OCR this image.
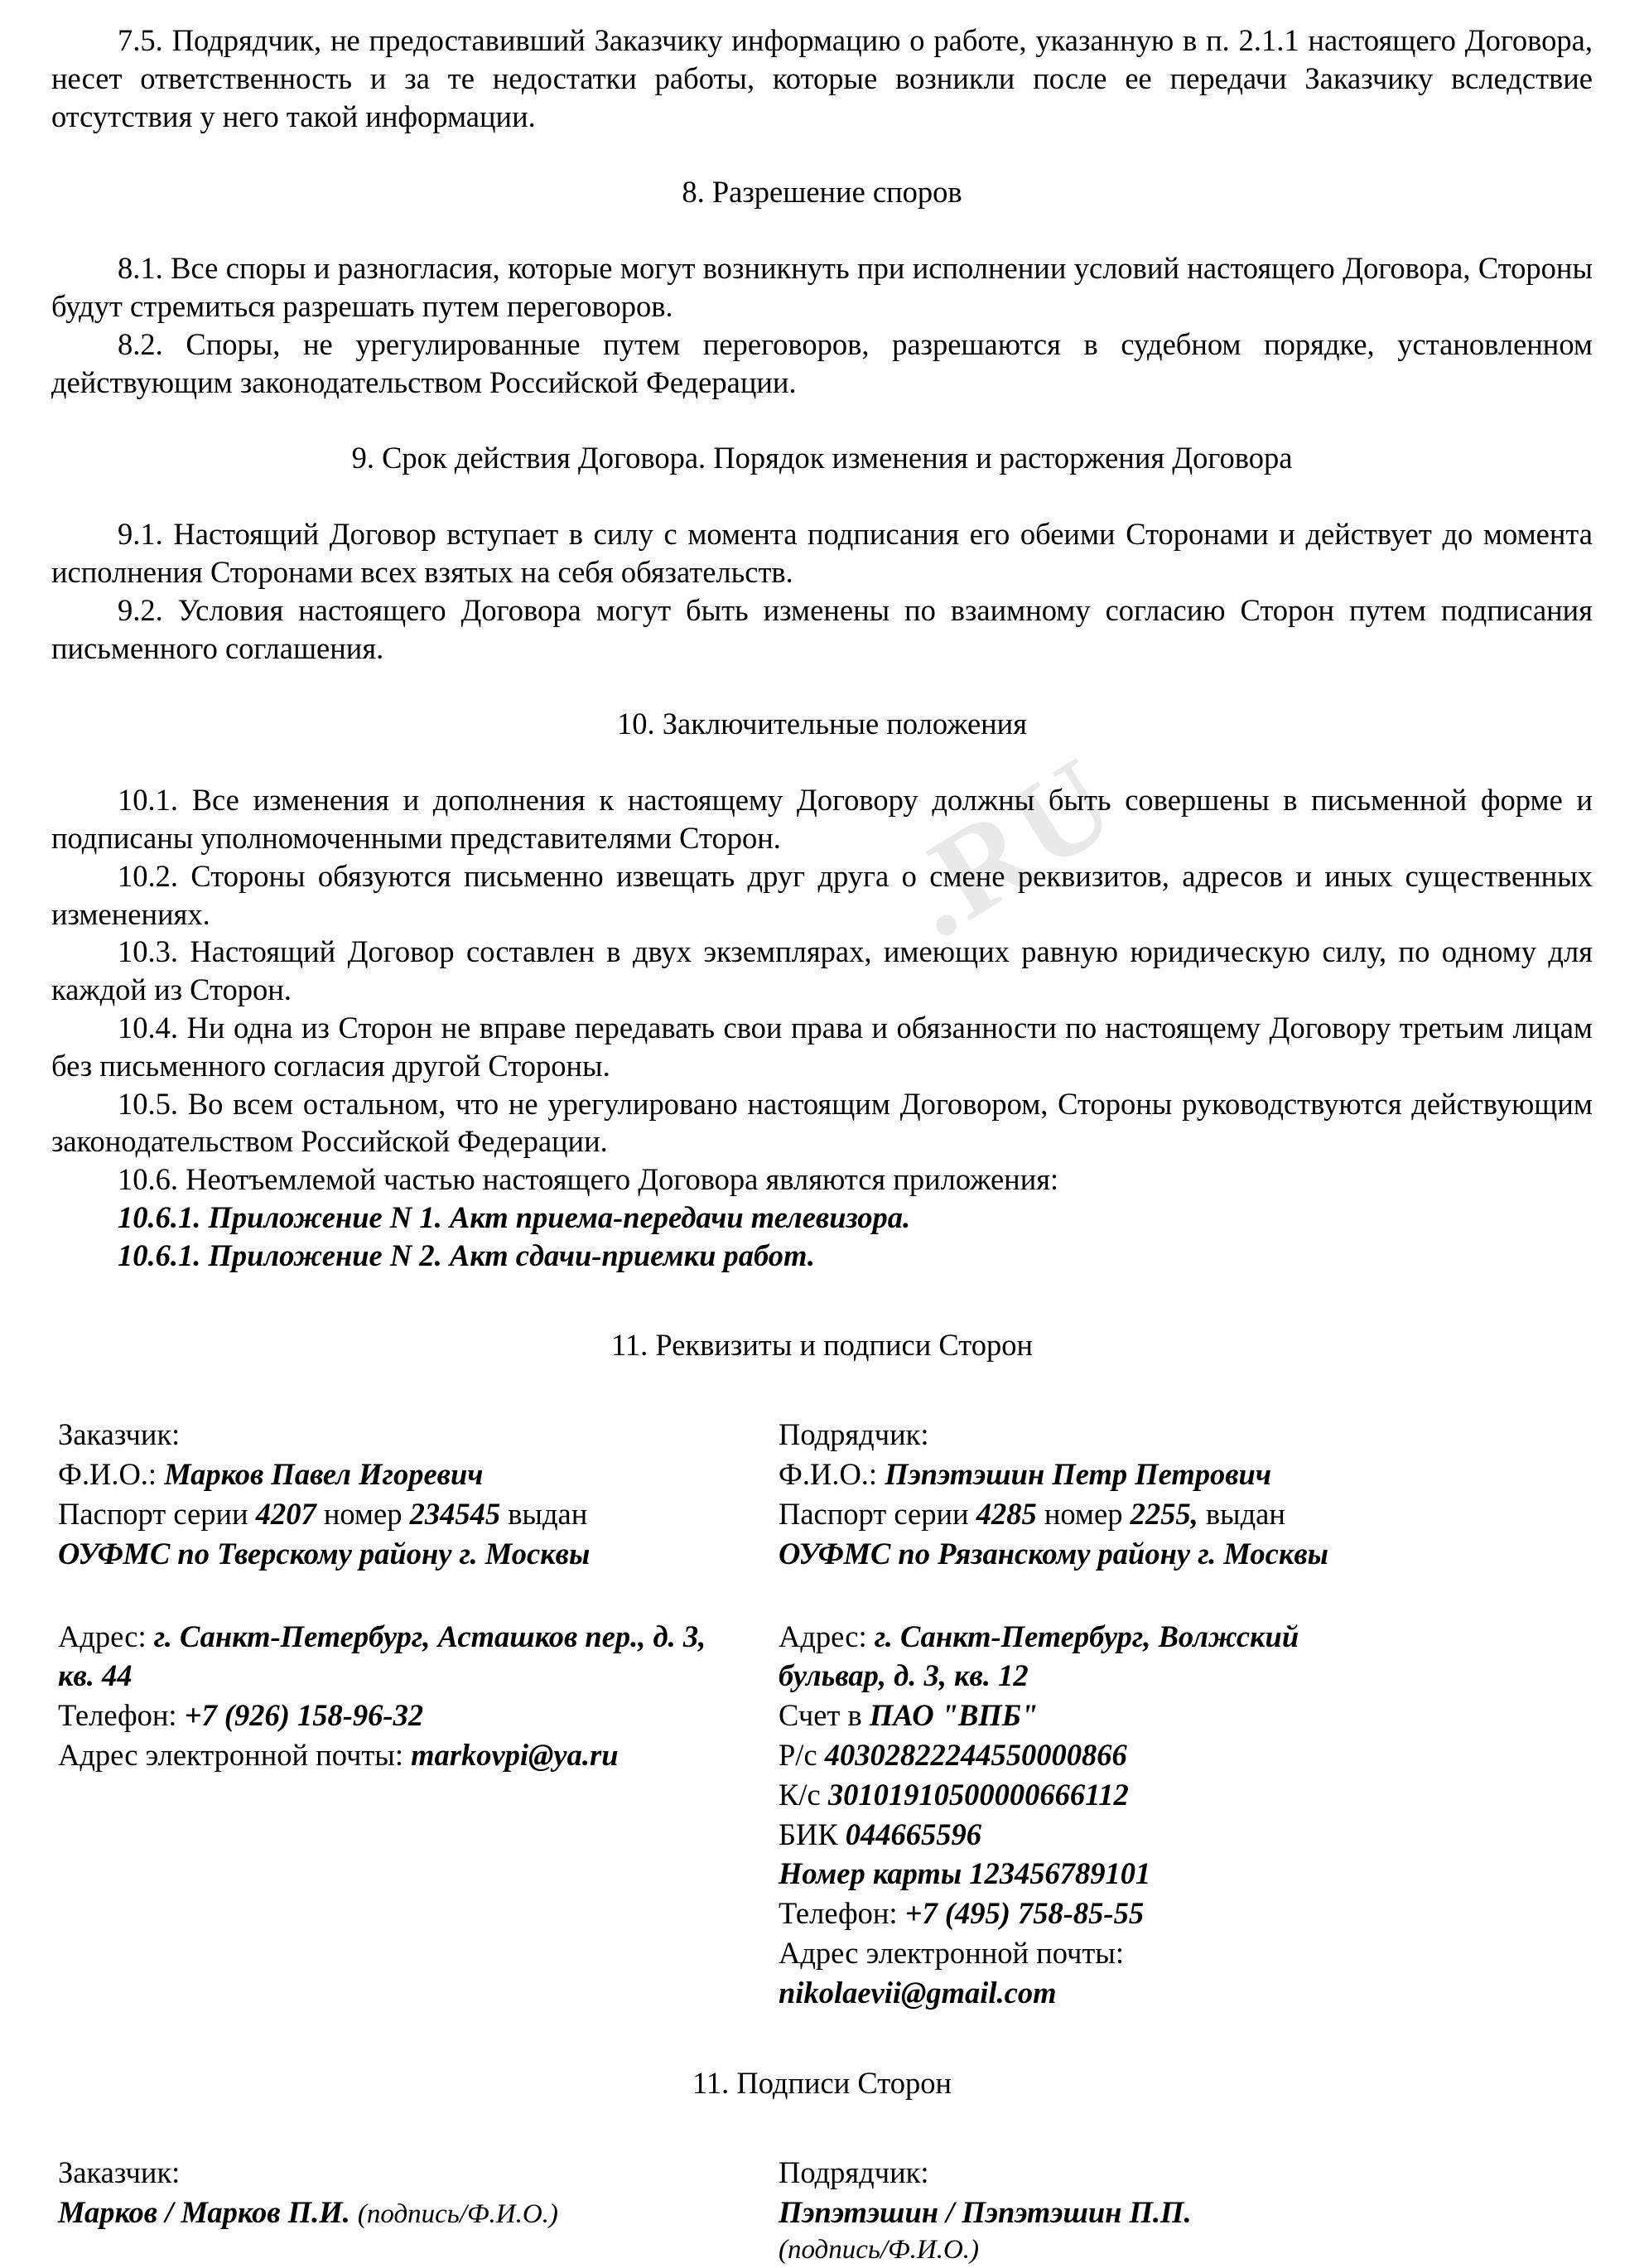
.RU

7.5. Подрядчик, не предоставивший Заказчику информацию о работе, указанную в п. 2.1.1 настоящего Договора, несет ответственность и за те недостатки работы, которые возникли после ее передачи Заказчику вследствие отсутствия у него такой информации.

8. Разрешение споров

8.1. Все споры и разногласия, которые могут возникнуть при исполнении условий настоящего Договора, Стороны будут стремиться разрешать путем переговоров.

8.2. Споры, не урегулированные путем переговоров, разрешаются в судебном порядке, установленном действующим законодательством Российской Федерации.

9. Срок действия Договора. Порядок изменения и расторжения Договора

9.1. Настоящий Договор вступает в силу с момента подписания его обеими Сторонами и действует до момента исполнения Сторонами всех взятых на себя обязательств.

9.2. Условия настоящего Договора могут быть изменены по взаимному согласию Сторон путем подписания письменного соглашения.

10. Заключительные положения

10.1. Все изменения и дополнения к настоящему Договору должны быть совершены в письменной форме и подписаны уполномоченными представителями Сторон.

10.2. Стороны обязуются письменно извещать друг друга о смене реквизитов, адресов и иных существенных изменениях.

10.3. Настоящий Договор составлен в двух экземплярах, имеющих равную юридическую силу, по одному для каждой из Сторон.

10.4. Ни одна из Сторон не вправе передавать свои права и обязанности по настоящему Договору третьим лицам без письменного согласия другой Стороны.

10.5. Во всем остальном, что не урегулировано настоящим Договором, Стороны руководствуются действующим законодательством Российской Федерации.

10.6. Неотъемлемой частью настоящего Договора являются приложения:

10.6.1. Приложение N 1. Акт приема-передачи телевизора.

10.6.1. Приложение N 2. Акт сдачи-приемки работ.

11. Реквизиты и подписи Сторон
Заказчик:
Ф.И.О.: Марков Павел Игоревич
Паспорт серии 4207 номер 234545 выдан
ОУФМС по Тверскому району г. Москвы
Адрес: г. Санкт-Петербург, Асташков пер., д. 3, кв. 44
Телефон: +7 (926) 158-96-32
Адрес электронной почты: markovpi@ya.ru
Подрядчик:
Ф.И.О.: Пэпэтэшин Петр Петрович
Паспорт серии 4285 номер 2255, выдан
ОУФМС по Рязанскому району г. Москвы
Адрес: г. Санкт-Петербург, Волжский бульвар, д. 3, кв. 12
Счет в ПАО "ВПБ"
Р/с 40302822244550000866
К/с 30101910500000666112
БИК 044665596
Номер карты 123456789101
Телефон: +7 (495) 758-85-55
Адрес электронной почты:
nikolaevii@gmail.com
11. Подписи Сторон
Заказчик:
Марков / Марков П.И. (подпись/Ф.И.О.)
Подрядчик:
Пэпэтэшин / Пэпэтэшин П.П.
(подпись/Ф.И.О.)
